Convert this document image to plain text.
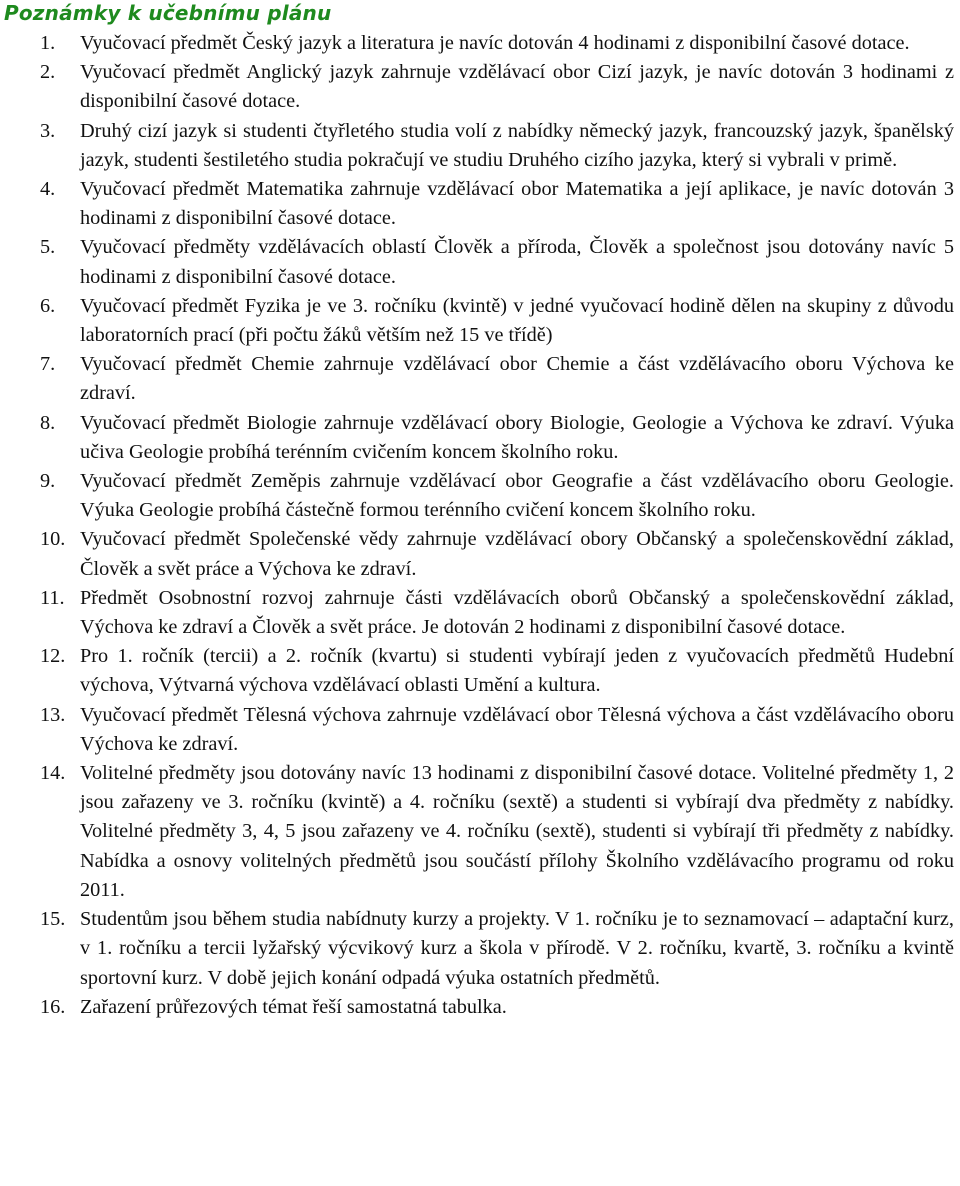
Poznámky k učebnímu plánu
1.	Vyučovací předmět Český jazyk a literatura je navíc dotován 4 hodinami z disponibilní časové dotace.
2.	Vyučovací předmět Anglický jazyk zahrnuje vzdělávací obor Cizí jazyk, je navíc dotován 3 hodinami z disponibilní časové dotace.
3.	Druhý cizí jazyk si studenti čtyřletého studia volí z nabídky německý jazyk, francouzský jazyk, španělský jazyk, studenti šestiletého studia pokračují ve studiu Druhého cizího jazyka, který si vybrali v primě.
4.	Vyučovací předmět Matematika zahrnuje vzdělávací obor Matematika a její aplikace, je navíc dotován 3 hodinami z disponibilní časové dotace.
5.	Vyučovací předměty vzdělávacích oblastí Člověk a příroda, Člověk a společnost jsou dotovány navíc 5 hodinami z disponibilní časové dotace.
6.	Vyučovací předmět Fyzika je ve 3. ročníku (kvintě) v jedné vyučovací hodině dělen na skupiny z důvodu laboratorních prací (při počtu žáků větším než 15 ve třídě)
7.	Vyučovací předmět Chemie zahrnuje vzdělávací obor Chemie a část vzdělávacího oboru Výchova ke zdraví.
8.	Vyučovací předmět Biologie zahrnuje vzdělávací obory Biologie, Geologie a Výchova ke zdraví. Výuka učiva Geologie probíhá terénním cvičením koncem školního roku.
9.	Vyučovací předmět Zeměpis zahrnuje vzdělávací obor Geografie a část vzdělávacího oboru Geologie. Výuka Geologie probíhá částečně formou terénního cvičení koncem školního roku.
10. Vyučovací předmět Společenské vědy zahrnuje vzdělávací obory Občanský a společenskovědní základ, Člověk a svět práce a Výchova ke zdraví.
11. Předmět Osobnostní rozvoj zahrnuje části vzdělávacích oborů Občanský a společenskovědní základ, Výchova ke zdraví a Člověk a svět práce. Je dotován 2 hodinami z disponibilní časové dotace.
12. Pro 1. ročník (tercii) a 2. ročník (kvartu) si studenti vybírají jeden z vyučovacích předmětů Hudební výchova, Výtvarná výchova vzdělávací oblasti Umění a kultura.
13. Vyučovací předmět Tělesná výchova zahrnuje vzdělávací obor Tělesná výchova a část vzdělávacího oboru Výchova ke zdraví.
14. Volitelné předměty jsou dotovány navíc 13 hodinami z disponibilní časové dotace. Volitelné předměty 1, 2 jsou zařazeny ve 3. ročníku (kvintě) a 4. ročníku (sextě) a studenti si vybírají dva předměty z nabídky. Volitelné předměty 3, 4, 5 jsou zařazeny ve 4. ročníku (sextě), studenti si vybírají tři předměty z nabídky. Nabídka a osnovy volitelných předmětů jsou součástí přílohy Školního vzdělávacího programu od roku 2011.
15. Studentům jsou během studia nabídnuty kurzy a projekty. V 1. ročníku je to seznamovací – adaptační kurz, v 1. ročníku a tercii lyžařský výcvikový kurz a škola v přírodě. V 2. ročníku, kvartě, 3. ročníku a kvintě sportovní kurz. V době jejich konání odpadá výuka ostatních předmětů.
16. Zařazení průřezových témat řeší samostatná tabulka.
